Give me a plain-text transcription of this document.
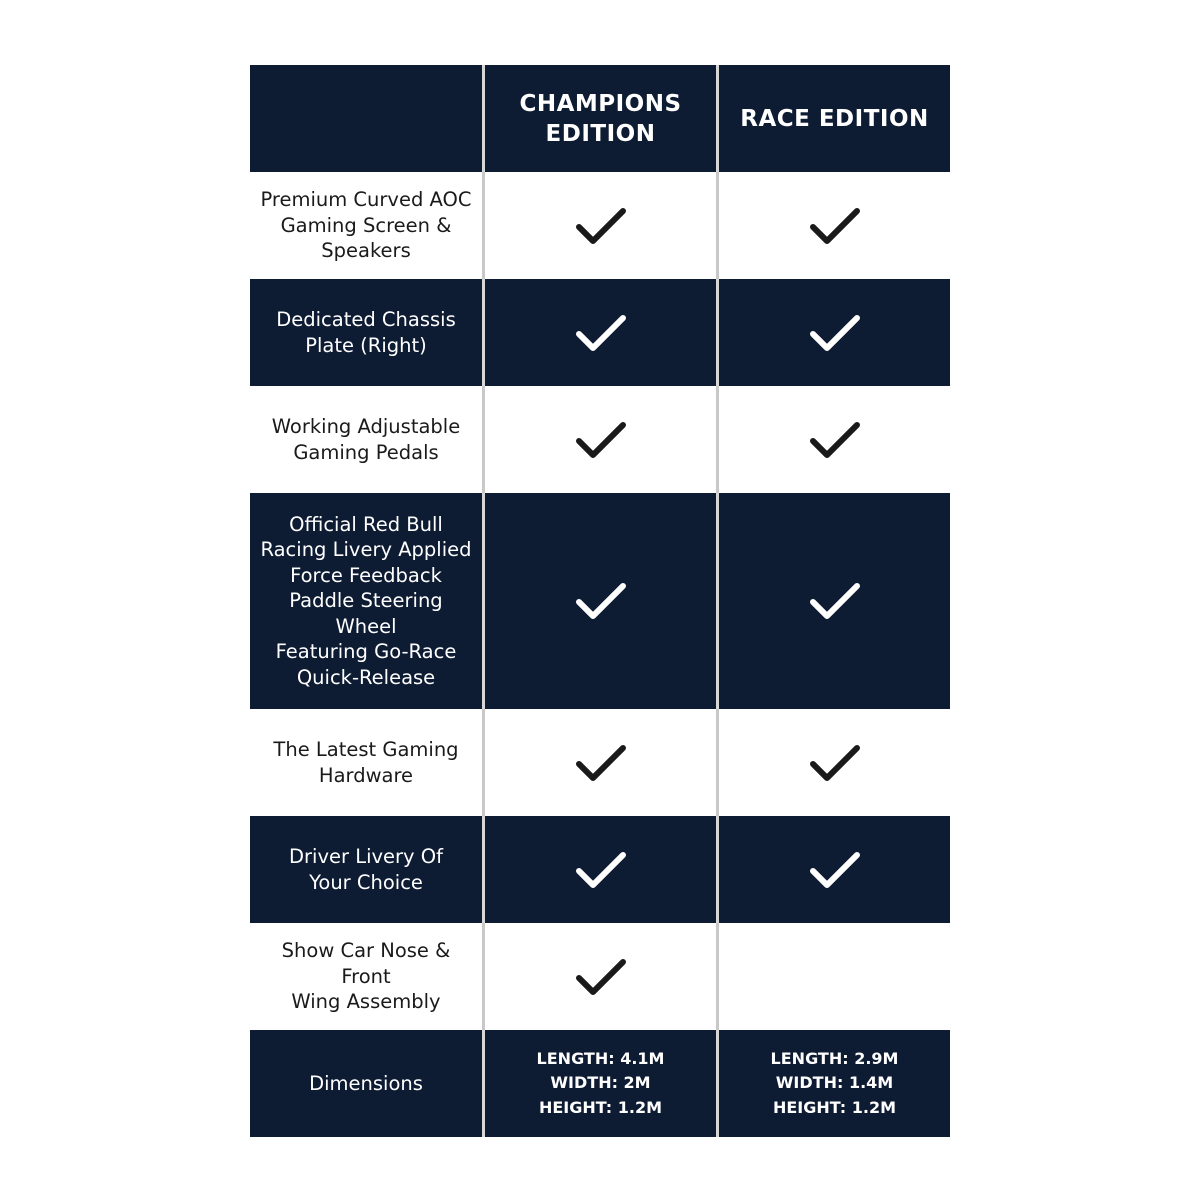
CHAMPIONS
EDITION
RACE EDITION
Premium Curved AOC
Gaming Screen &
Speakers
Dedicated Chassis
Plate (Right)
Working Adjustable
Gaming Pedals
Official Red Bull
Racing Livery Applied
Force Feedback
Paddle Steering Wheel
Featuring Go-Race
Quick-Release
The Latest Gaming
Hardware
Driver Livery Of
Your Choice
Show Car Nose & Front
Wing Assembly
Dimensions
LENGTH: 4.1M
WIDTH: 2M
HEIGHT: 1.2M
LENGTH: 2.9M
WIDTH: 1.4M
HEIGHT: 1.2M
